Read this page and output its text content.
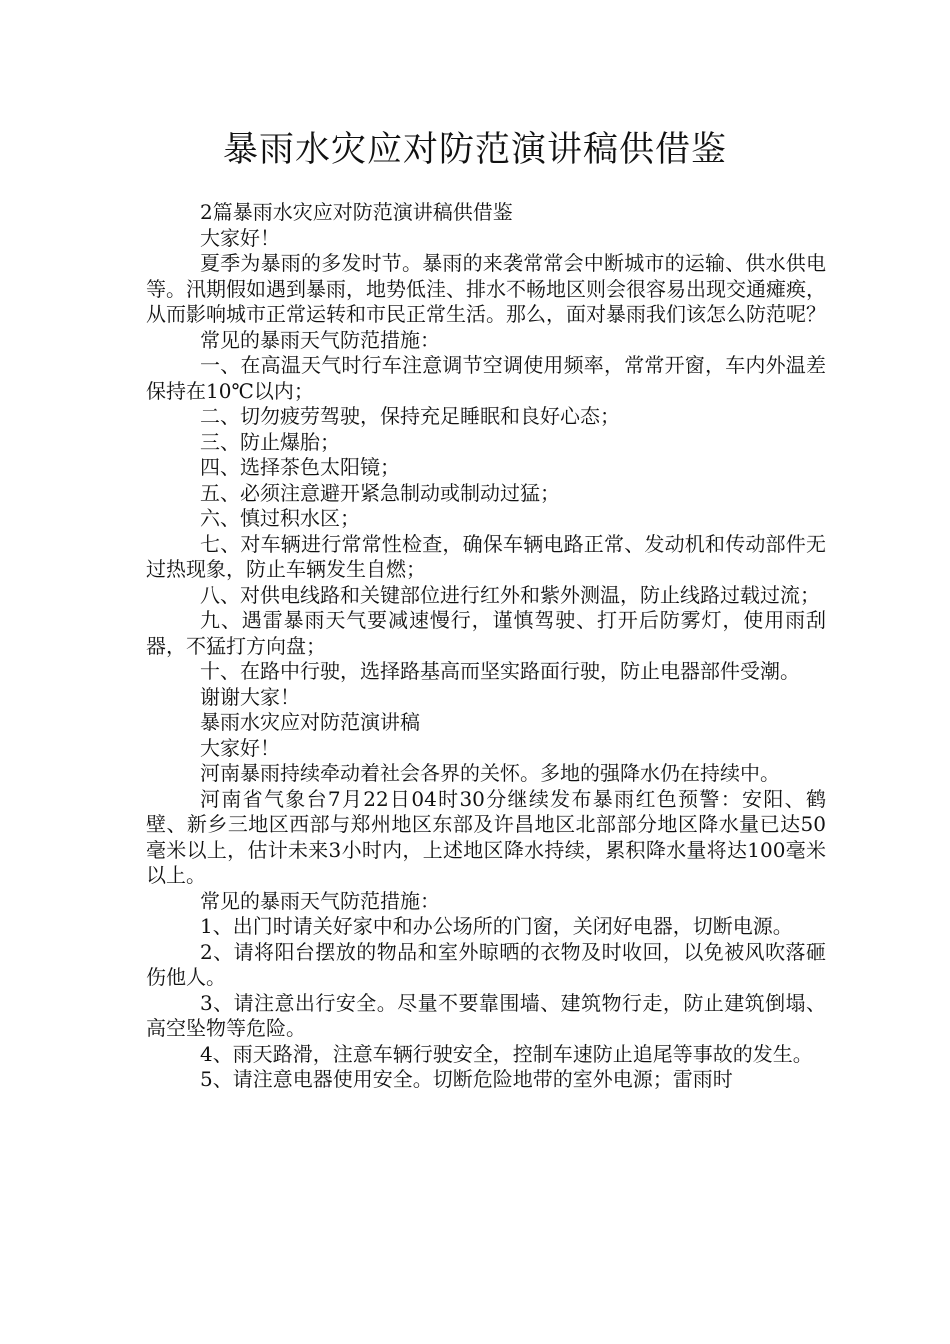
暴雨水灾应对防范演讲稿供借鉴

2篇暴雨水灾应对防范演讲稿供借鉴

大家好！

夏季为暴雨的多发时节。暴雨的来袭常常会中断城市的运输、供水供电等。汛期假如遇到暴雨，地势低洼、排水不畅地区则会很容易出现交通瘫痪，从而影响城市正常运转和市民正常生活。那么，面对暴雨我们该怎么防范呢？

常见的暴雨天气防范措施：

一、在高温天气时行车注意调节空调使用频率，常常开窗，车内外温差保持在10℃以内；

二、切勿疲劳驾驶，保持充足睡眠和良好心态；

三、防止爆胎；

四、选择茶色太阳镜；

五、必须注意避开紧急制动或制动过猛；

六、慎过积水区；

七、对车辆进行常常性检查，确保车辆电路正常、发动机和传动部件无过热现象，防止车辆发生自燃；

八、对供电线路和关键部位进行红外和紫外测温，防止线路过载过流；

九、遇雷暴雨天气要减速慢行，谨慎驾驶、打开后防雾灯，使用雨刮器，不猛打方向盘；

十、在路中行驶，选择路基高而坚实路面行驶，防止电器部件受潮。

谢谢大家！

暴雨水灾应对防范演讲稿

大家好！

河南暴雨持续牵动着社会各界的关怀。多地的强降水仍在持续中。

河南省气象台7月22日04时30分继续发布暴雨红色预警：安阳、鹤壁、新乡三地区西部与郑州地区东部及许昌地区北部部分地区降水量已达50毫米以上，估计未来3小时内，上述地区降水持续，累积降水量将达100毫米以上。

常见的暴雨天气防范措施：

1、出门时请关好家中和办公场所的门窗，关闭好电器，切断电源。

2、请将阳台摆放的物品和室外晾晒的衣物及时收回，以免被风吹落砸伤他人。

3、请注意出行安全。尽量不要靠围墙、建筑物行走，防止建筑倒塌、高空坠物等危险。

4、雨天路滑，注意车辆行驶安全，控制车速防止追尾等事故的发生。

5、请注意电器使用安全。切断危险地带的室外电源；雷雨时
